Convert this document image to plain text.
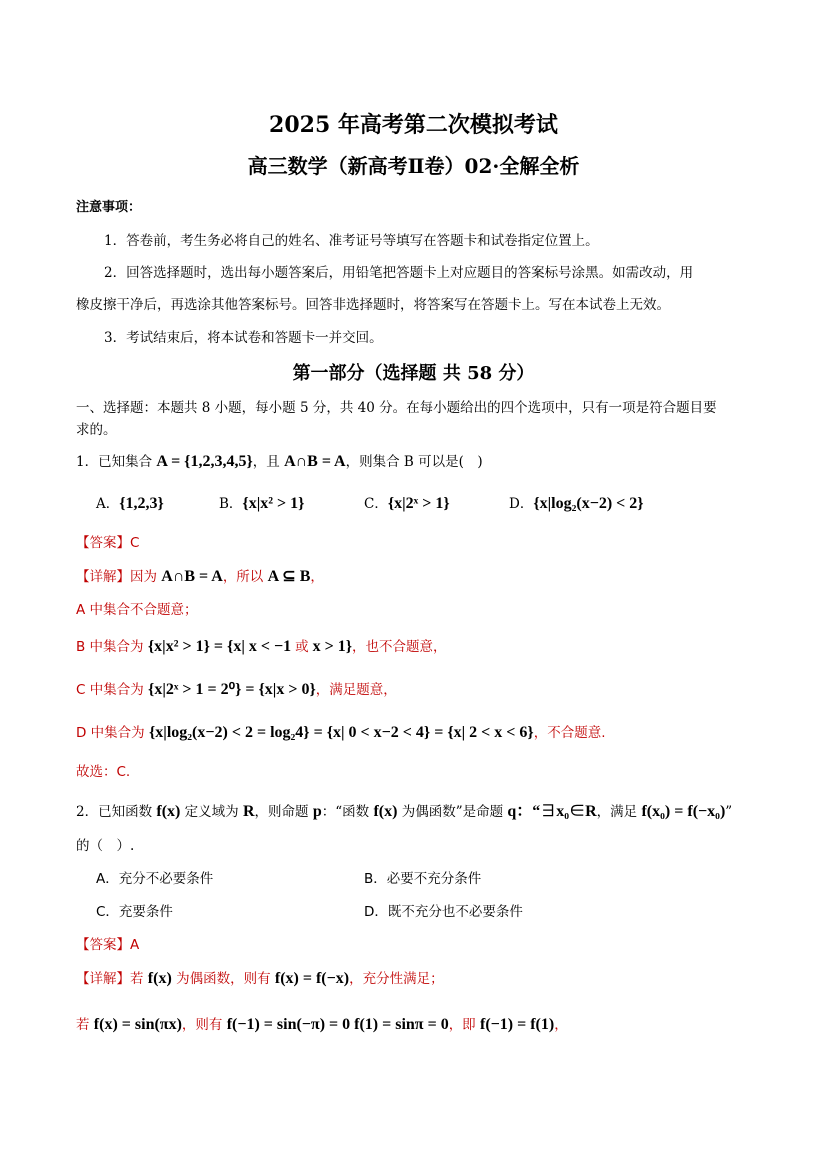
2025 年高考第二次模拟考试
高三数学（新高考Ⅱ卷）02·全解全析
注意事项：
1．答卷前，考生务必将自己的姓名、准考证号等填写在答题卡和试卷指定位置上。
2．回答选择题时，选出每小题答案后，用铅笔把答题卡上对应题目的答案标号涂黑。如需改动，用
橡皮擦干净后，再选涂其他答案标号。回答非选择题时，将答案写在答题卡上。写在本试卷上无效。
3．考试结束后，将本试卷和答题卡一并交回。
第一部分（选择题 共 58 分）
一、选择题：本题共 8 小题，每小题 5 分，共 40 分。在每小题给出的四个选项中，只有一项是符合题目要
求的。
1．已知集合 A = {1,2,3,4,5}，且 A∩B = A，则集合 B 可以是(　)
A．{1,2,3}	B．{x|x² > 1}	C．{x|2ˣ > 1}	D．{x|log₂(x−2) < 2}
【答案】C
【详解】因为 A∩B = A，所以 A ⊆ B，
A 中集合不合题意；
B 中集合为 {x|x² > 1} = {x| x < −1 或 x > 1}，也不合题意，
C 中集合为 {x|2ˣ > 1 = 2⁰} = {x|x > 0}，满足题意，
D 中集合为 {x|log₂(x−2) < 2 = log₂4} = {x| 0 < x−2 < 4} = {x| 2 < x < 6}，不合题意.
故选：C.
2．已知函数 f(x) 定义域为 R，则命题 p：“函数 f(x) 为偶函数”是命题 q：“∃x₀∈R，满足 f(x₀) = f(−x₀)”
的（　）.
A．充分不必要条件	B．必要不充分条件
C．充要条件	D．既不充分也不必要条件
【答案】A
【详解】若 f(x) 为偶函数，则有 f(x) = f(−x)，充分性满足；
若 f(x) = sin(πx)，则有 f(−1) = sin(−π) = 0 f(1) = sinπ = 0，即 f(−1) = f(1)，
